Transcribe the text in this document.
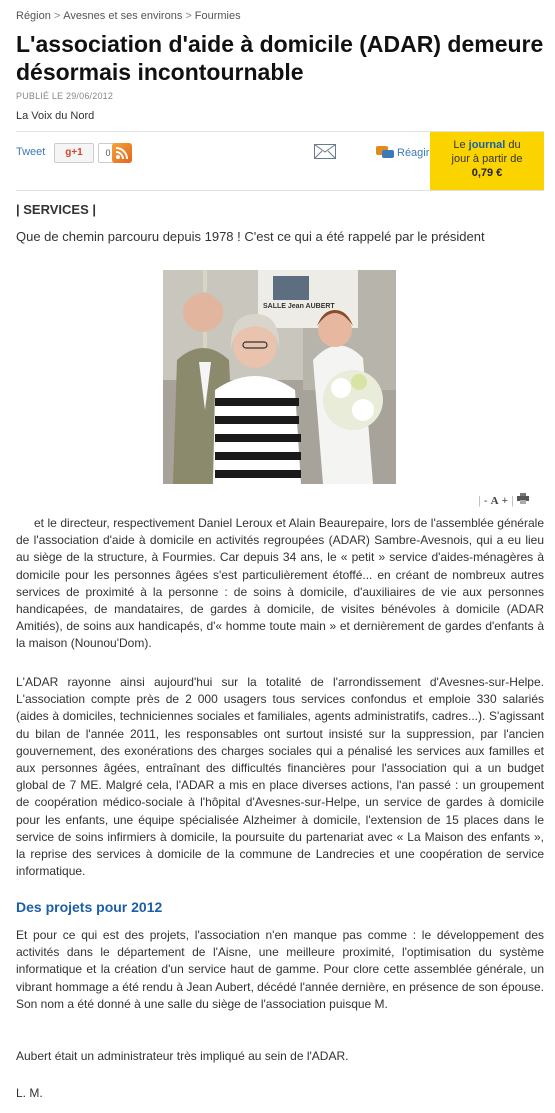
Région > Avesnes et ses environs > Fourmies
L'association d'aide à domicile (ADAR) demeure désormais incontournable
PUBLIÉ LE 29/06/2012
La Voix du Nord
Tweet	g+1	0	Réagir
| SERVICES |
Que de chemin parcouru depuis 1978 ! C'est ce qui a été rappelé par le président
| - A + |

et le directeur, respectivement Daniel Leroux et Alain Beaurepaire, lors de l'assemblée générale de l'association d'aide à domicile en activités regroupées (ADAR) Sambre-Avesnois, qui a eu lieu au siège de la structure, à Fourmies. Car depuis 34 ans, le « petit » service d'aides-ménagères à domicile pour les personnes âgées s'est particulièrement étoffé... en créant de nombreux autres services de proximité à la personne : de soins à domicile, d'auxiliaires de vie aux personnes handicapées, de mandataires, de gardes à domicile, de visites bénévoles à domicile (ADAR Amitiés), de soins aux handicapés, d'« homme toute main » et dernièrement de gardes d'enfants à la maison (Nounou'Dom).

L'ADAR rayonne ainsi aujourd'hui sur la totalité de l'arrondissement d'Avesnes-sur-Helpe. L'association compte près de 2 000 usagers tous services confondus et emploie 330 salariés (aides à domiciles, techniciennes sociales et familiales, agents administratifs, cadres...). S'agissant du bilan de l'année 2011, les responsables ont surtout insisté sur la suppression, par l'ancien gouvernement, des exonérations des charges sociales qui a pénalisé les services aux familles et aux personnes âgées, entraînant des difficultés financières pour l'association qui a un budget global de 7 ME. Malgré cela, l'ADAR a mis en place diverses actions, l'an passé : un groupement de coopération médico-sociale à l'hôpital d'Avesnes-sur-Helpe, un service de gardes à domicile pour les enfants, une équipe spécialisée Alzheimer à domicile, l'extension de 15 places dans le service de soins infirmiers à domicile, la poursuite du partenariat avec « La Maison des enfants », la reprise des services à domicile de la commune de Landrecies et une coopération de service informatique.

Des projets pour 2012

Et pour ce qui est des projets, l'association n'en manque pas comme : le développement des activités dans le département de l'Aisne, une meilleure proximité, l'optimisation du système informatique et la création d'un service haut de gamme. Pour clore cette assemblée générale, un vibrant hommage a été rendu à Jean Aubert, décédé l'année dernière, en présence de son épouse. Son nom a été donné à une salle du siège de l'association puisque M.

Aubert était un administrateur très impliqué au sein de l'ADAR.

L. M.
Le journal du
jour à partir de
0,79 €
SALLE Jean AUBERT
